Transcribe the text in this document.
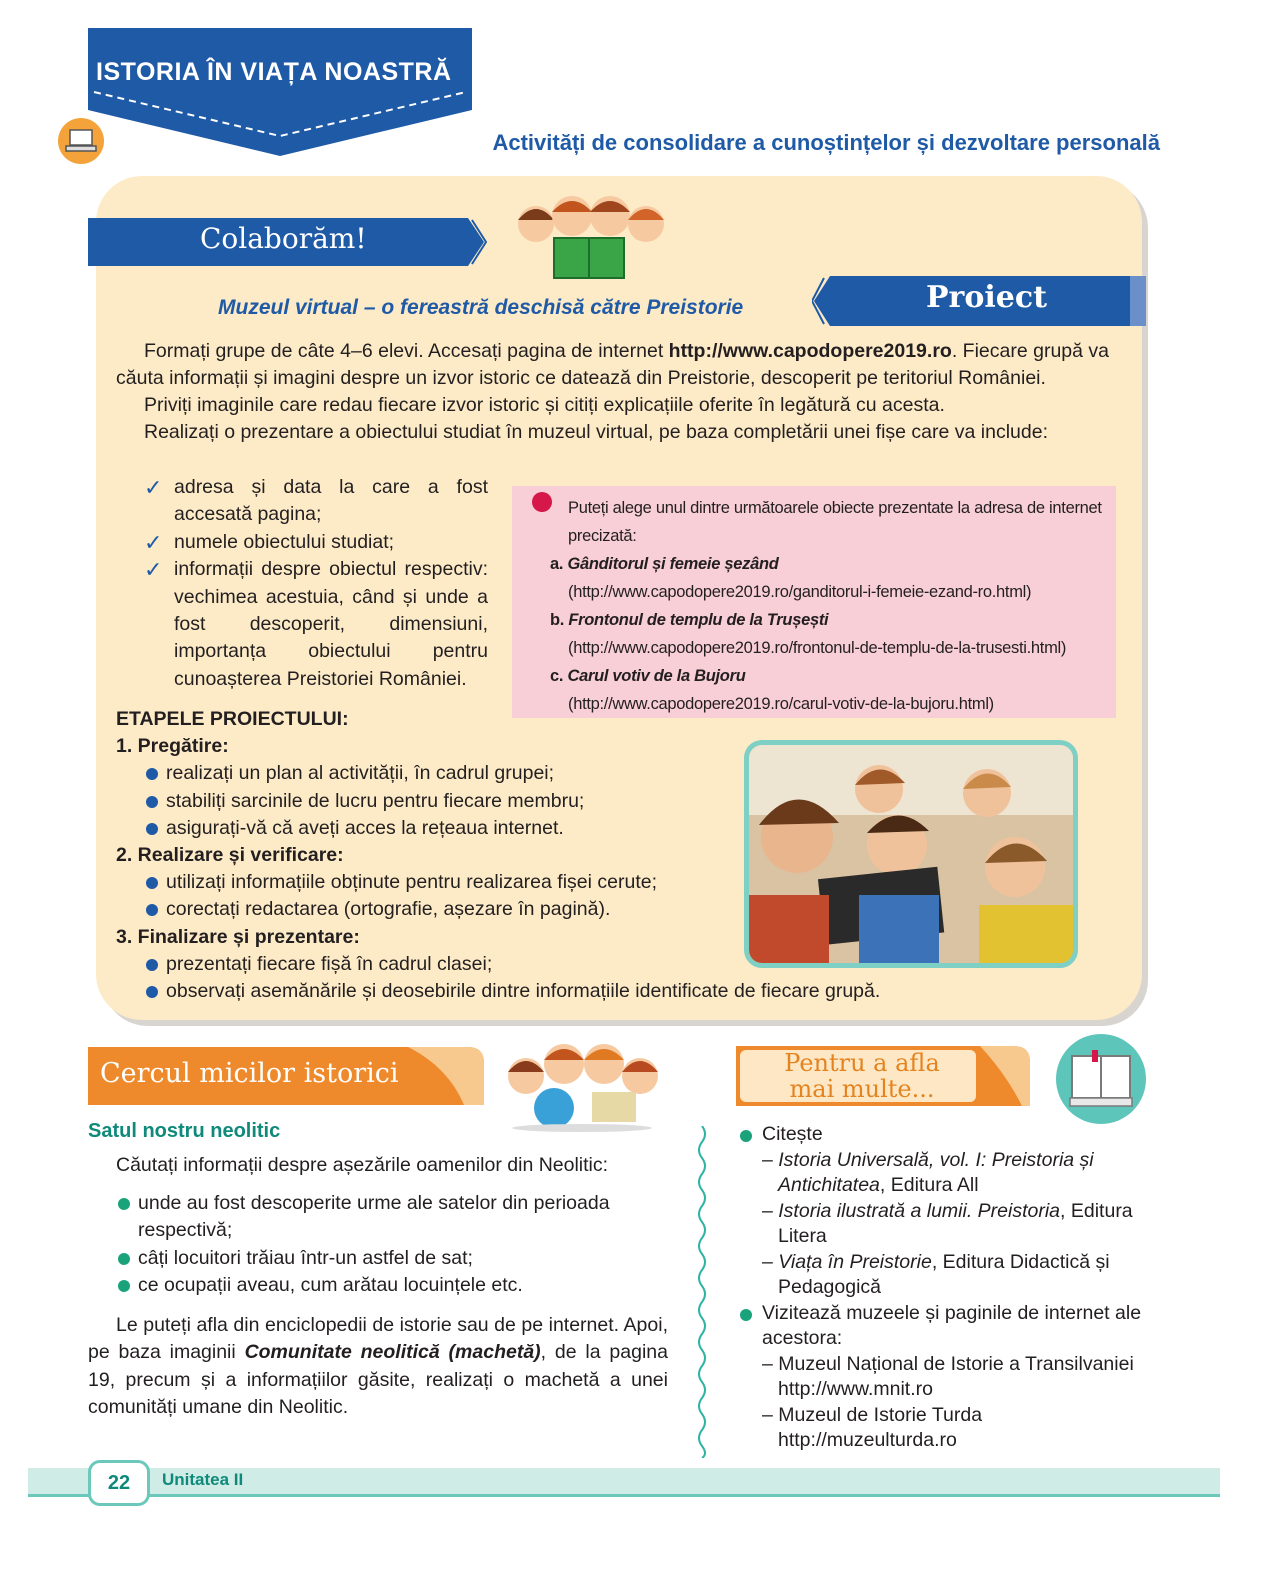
ISTORIA ÎN VIAȚA NOASTRĂ
Activități de consolidare a cunoștințelor și dezvoltare personală
Colaborăm!
Proiect
Muzeul virtual – o fereastră deschisă către Preistorie

Formați grupe de câte 4–6 elevi. Accesați pagina de internet http://www.capodopere2019.ro. Fiecare grupă va căuta informații și imagini despre un izvor istoric ce datează din Preistorie, descoperit pe teritoriul României.

Priviți imaginile care redau fiecare izvor istoric și citiți explicațiile oferite în legătură cu acesta.

Realizați o prezentare a obiectului studiat în muzeul virtual, pe baza completării unei fișe care va include:

✓ adresa și data la care a fost accesată pagina;
✓ numele obiectului studiat;
✓ informații despre obiectul respectiv: vechimea acestuia, când și unde a fost descoperit, dimensiuni, importanța obiectului pentru cunoașterea Preistoriei României.
Puteți alege unul dintre următoarele obiecte prezentate la adresa de internet precizată:
a. Gânditorul și femeie șezând
(http://www.capodopere2019.ro/ganditorul-i-femeie-ezand-ro.html)
b. Frontonul de templu de la Trușești
(http://www.capodopere2019.ro/frontonul-de-templu-de-la-trusesti.html)
c. Carul votiv de la Bujoru
(http://www.capodopere2019.ro/carul-votiv-de-la-bujoru.html)
ETAPELE PROIECTULUI:
1. Pregătire:
realizați un plan al activității, în cadrul grupei;
stabiliți sarcinile de lucru pentru fiecare membru;
asigurați-vă că aveți acces la rețeaua internet.
2. Realizare și verificare:
utilizați informațiile obținute pentru realizarea fișei cerute;
corectați redactarea (ortografie, așezare în pagină).
3. Finalizare și prezentare:
prezentați fiecare fișă în cadrul clasei;
observați asemănările și deosebirile dintre informațiile identificate de fiecare grupă.
Cercul micilor istorici
Satul nostru neolitic

Căutați informații despre așezările oamenilor din Neolitic:

unde au fost descoperite urme ale satelor din perioada respectivă;
câți locuitori trăiau într-un astfel de sat;
ce ocupații aveau, cum arătau locuințele etc.

Le puteți afla din enciclopedii de istorie sau de pe internet. Apoi, pe baza imaginii Comunitate neolitică (machetă), de la pagina 19, precum și a informațiilor găsite, realizați o machetă a unei comunități umane din Neolitic.

Pentru a afla
mai multe...
Citește
– Istoria Universală, vol. I: Preistoria și Antichitatea, Editura All
– Istoria ilustrată a lumii. Preistoria, Editura Litera
– Viața în Preistorie, Editura Didactică și Pedagogică
Vizitează muzeele și paginile de internet ale acestora:
– Muzeul Național de Istorie a Transilvaniei
http://www.mnit.ro
– Muzeul de Istorie Turda
http://muzeulturda.ro
22	Unitatea II
